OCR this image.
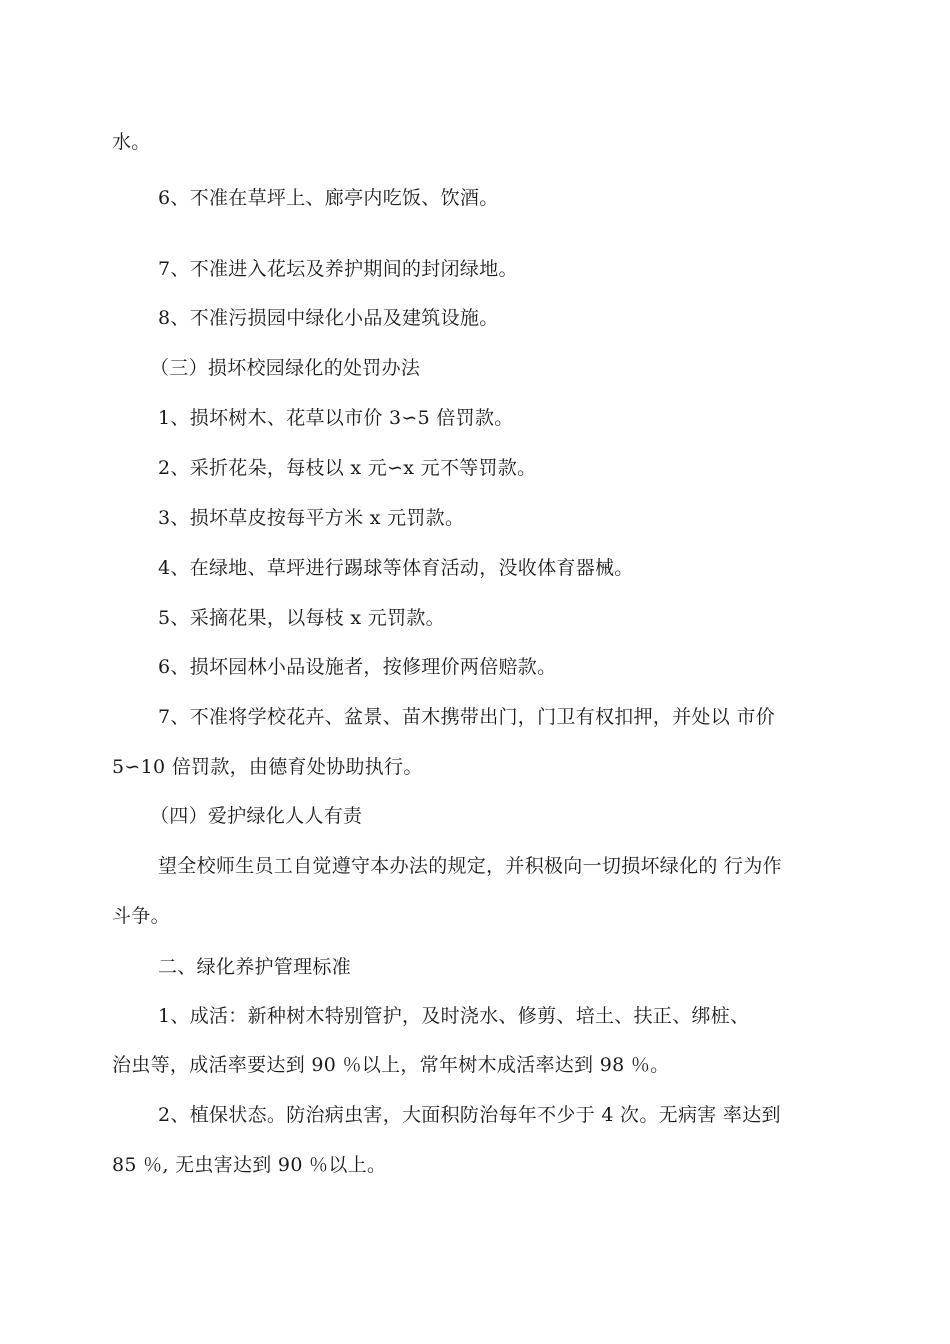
水。
6、不准在草坪上、廊亭内吃饭、饮酒。
7、不准进入花坛及养护期间的封闭绿地。
8、不准污损园中绿化小品及建筑设施。
（三）损坏校园绿化的处罚办法
1、损坏树木、花草以市价 3∽5 倍罚款。
2、采折花朵，每枝以 x 元∽x 元不等罚款。
3、损坏草皮按每平方米 x 元罚款。
4、在绿地、草坪进行踢球等体育活动，没收体育器械。
5、采摘花果，以每枝 x 元罚款。
6、损坏园林小品设施者，按修理价两倍赔款。
7、不准将学校花卉、盆景、苗木携带出门，门卫有权扣押，并处以 市价
5∽10 倍罚款，由德育处协助执行。
（四）爱护绿化人人有责
望全校师生员工自觉遵守本办法的规定，并积极向一切损坏绿化的 行为作
斗争。
二、绿化养护管理标准
1、成活：新种树木特别管护，及时浇水、修剪、培土、扶正、绑桩、
治虫等，成活率要达到 90 ％以上，常年树木成活率达到 98 ％。
2、植保状态。防治病虫害，大面积防治每年不少于 4 次。无病害 率达到
85 ％, 无虫害达到 90 ％以上。
